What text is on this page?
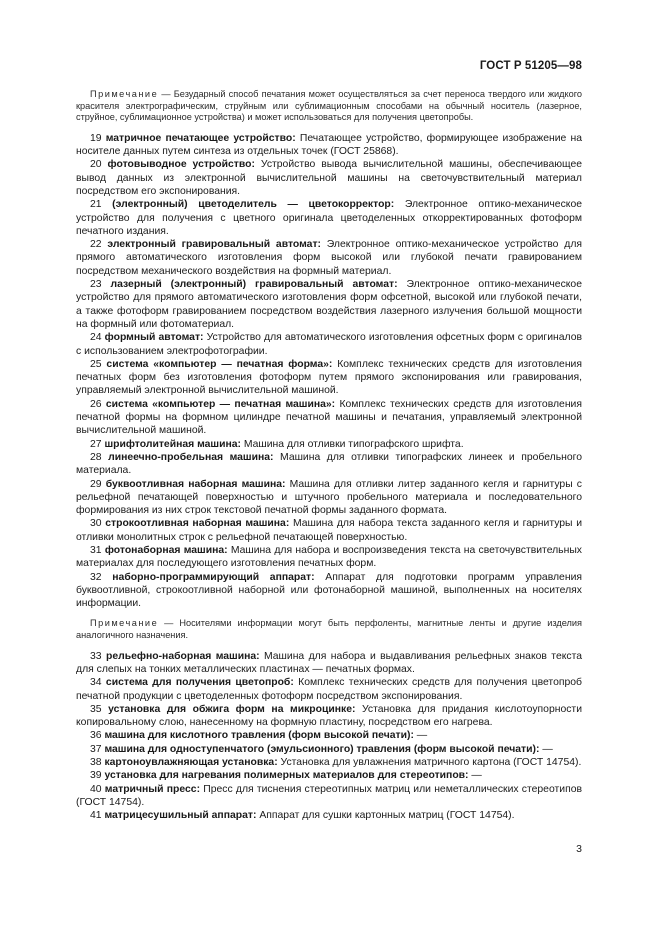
ГОСТ Р 51205—98

Примечание — Безударный способ печатания может осуществляться за счет переноса твердого или жидкого красителя электрографическим, струйным или сублимационным способами на обычный носитель (лазерное, струйное, сублимационное устройства) и может использоваться для получения цветопробы.

19 матричное печатающее устройство: Печатающее устройство, формирующее изображение на носителе данных путем синтеза из отдельных точек (ГОСТ 25868).

20 фотовыводное устройство: Устройство вывода вычислительной машины, обеспечивающее вывод данных из электронной вычислительной машины на светочувствительный материал посредством его экспонирования.

21 (электронный) цветоделитель — цветокорректор: Электронное оптико-механическое устройство для получения с цветного оригинала цветоделенных откорректированных фотоформ печатного издания.

22 электронный гравировальный автомат: Электронное оптико-механическое устройство для прямого автоматического изготовления форм высокой или глубокой печати гравированием посредством механического воздействия на формный материал.

23 лазерный (электронный) гравировальный автомат: Электронное оптико-механическое устройство для прямого автоматического изготовления форм офсетной, высокой или глубокой печати, а также фотоформ гравированием посредством воздействия лазерного излучения большой мощности на формный или фотоматериал.

24 формный автомат: Устройство для автоматического изготовления офсетных форм с оригиналов с использованием электрофотографии.

25 система «компьютер — печатная форма»: Комплекс технических средств для изготовления печатных форм без изготовления фотоформ путем прямого экспонирования или гравирования, управляемый электронной вычислительной машиной.

26 система «компьютер — печатная машина»: Комплекс технических средств для изготовления печатной формы на формном цилиндре печатной машины и печатания, управляемый электронной вычислительной машиной.

27 шрифтолитейная машина: Машина для отливки типографского шрифта.

28 линеечно-пробельная машина: Машина для отливки типографских линеек и пробельного материала.

29 буквоотливная наборная машина: Машина для отливки литер заданного кегля и гарнитуры с рельефной печатающей поверхностью и штучного пробельного материала и последовательного формирования из них строк текстовой печатной формы заданного формата.

30 строкоотливная наборная машина: Машина для набора текста заданного кегля и гарнитуры и отливки монолитных строк с рельефной печатающей поверхностью.

31 фотонаборная машина: Машина для набора и воспроизведения текста на светочувствительных материалах для последующего изготовления печатных форм.

32 наборно-программирующий аппарат: Аппарат для подготовки программ управления буквоотливной, строкоотливной наборной или фотонаборной машиной, выполненных на носителях информации.

Примечание — Носителями информации могут быть перфоленты, магнитные ленты и другие изделия аналогичного назначения.

33 рельефно-наборная машина: Машина для набора и выдавливания рельефных знаков текста для слепых на тонких металлических пластинах — печатных формах.

34 система для получения цветопроб: Комплекс технических средств для получения цветопроб печатной продукции с цветоделенных фотоформ посредством экспонирования.

35 установка для обжига форм на микроцинке: Установка для придания кислотоупорности копировальному слою, нанесенному на формную пластину, посредством его нагрева.

36 машина для кислотного травления (форм высокой печати): —

37 машина для одноступенчатого (эмульсионного) травления (форм высокой печати): —

38 картоноувлажняющая установка: Установка для увлажнения матричного картона (ГОСТ 14754).

39 установка для нагревания полимерных материалов для стереотипов: —

40 матричный пресс: Пресс для тиснения стереотипных матриц или неметаллических стереотипов (ГОСТ 14754).

41 матрицесушильный аппарат: Аппарат для сушки картонных матриц (ГОСТ 14754).

3
